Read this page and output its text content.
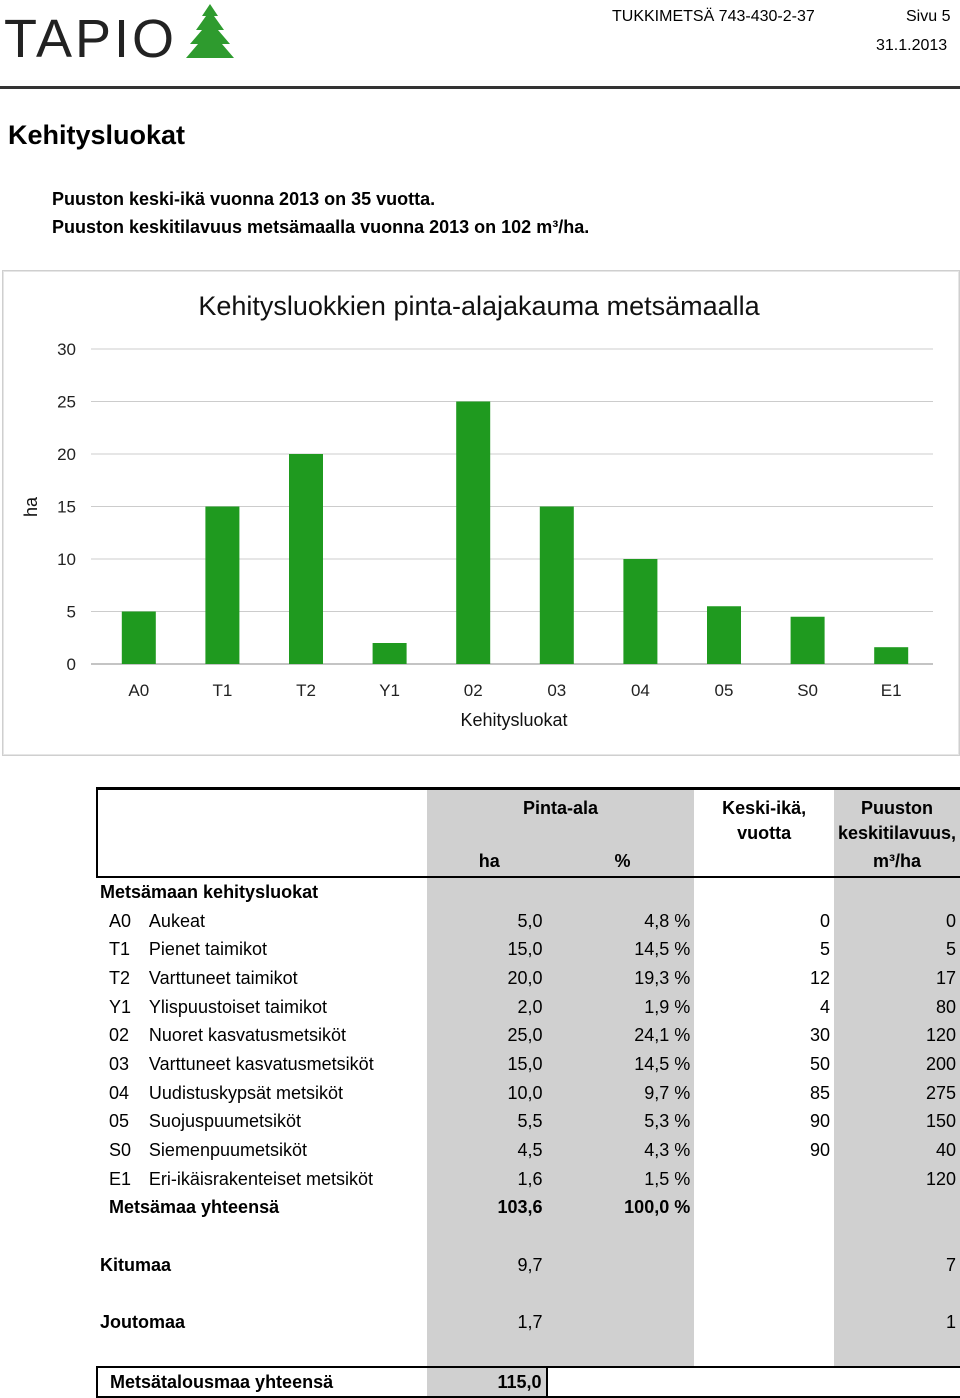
TAPIO	TUKKIMETSÄ 743-430-2-37	Sivu 5
31.1.2013
Kehitysluokat
Puuston keski-ikä vuonna 2013 on 35 vuotta.
Puuston keskitilavuus metsämaalla vuonna 2013 on 102 m³/ha.
Kehitysluokkien pinta-alajakauma metsämaalla
0
5
10
15
20
25
30
A0	T1	T2	Y1	02	03	04	05	S0	E1
ha
Kehitysluokat
		Pinta-ala		Keski-ikä,	Puuston
				vuotta	keskitilavuus,
		ha	%		m³/ha
Metsämaan kehitysluokat					
A0	Aukeat	5,0	4,8 %	0	0
T1	Pienet taimikot	15,0	14,5 %	5	5
T2	Varttuneet taimikot	20,0	19,3 %	12	17
Y1	Ylispuustoiset taimikot	2,0	1,9 %	4	80
02	Nuoret kasvatusmetsiköt	25,0	24,1 %	30	120
03	Varttuneet kasvatusmetsiköt	15,0	14,5 %	50	200
04	Uudistuskypsät metsiköt	10,0	9,7 %	85	275
05	Suojuspuumetsiköt	5,5	5,3 %	90	150
S0	Siemenpuumetsiköt	4,5	4,3 %	90	40
E1	Eri-ikäisrakenteiset metsiköt	1,6	1,5 %		120
Metsämaa yhteensä		103,6	100,0 %		

Kitumaa		9,7			7

Joutomaa		1,7			1

Metsätalousmaa yhteensä		115,0			
